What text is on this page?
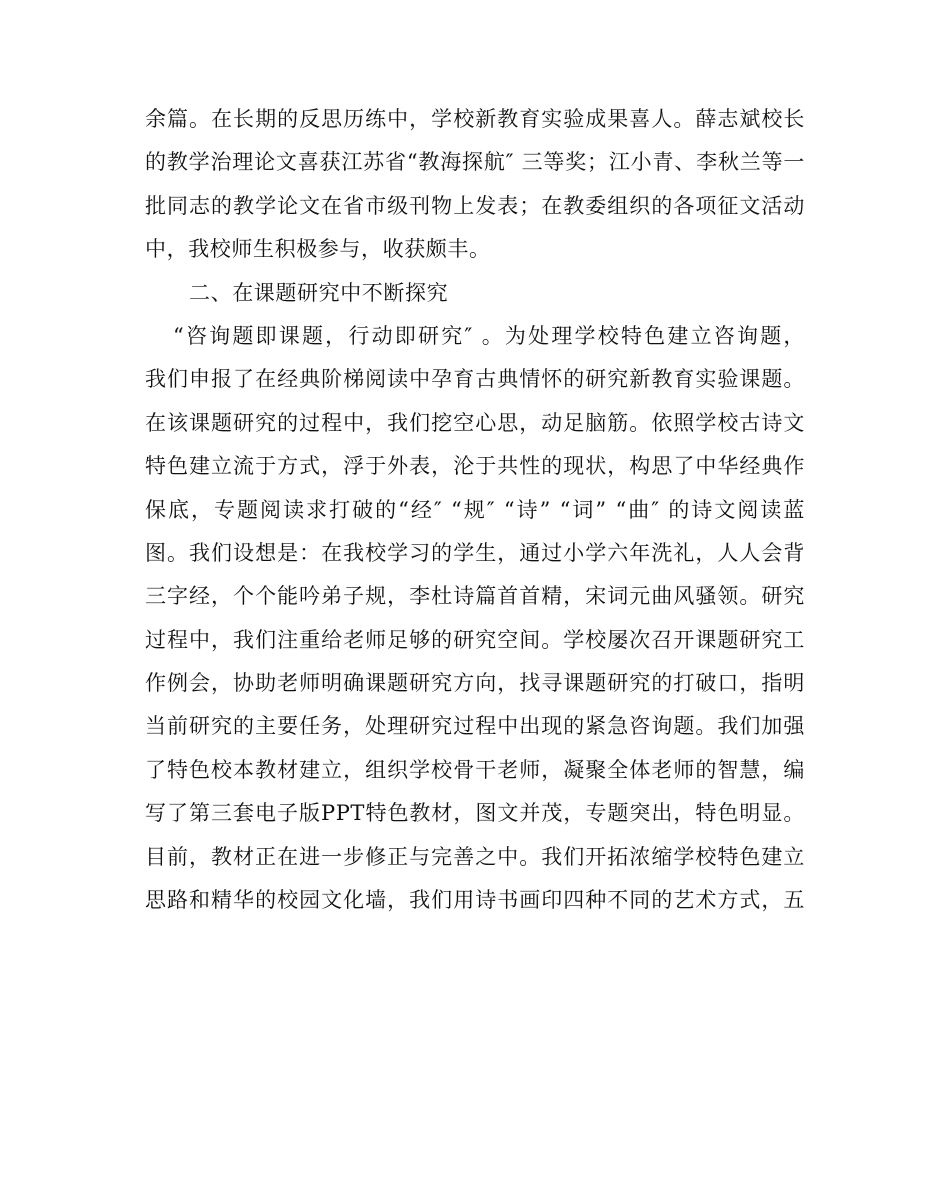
余篇。在长期的反思历练中，学校新教育实验成果喜人。薛志斌校长
的教学治理论文喜获江苏省“教海探航″ 三等奖；江小青、李秋兰等一
批同志的教学论文在省市级刊物上发表；在教委组织的各项征文活动
中，我校师生积极参与，收获颇丰。
二、在课题研究中不断探究
“咨询题即课题，行动即研究″ 。为处理学校特色建立咨询题，
我们申报了在经典阶梯阅读中孕育古典情怀的研究新教育实验课题。
在该课题研究的过程中，我们挖空心思，动足脑筋。依照学校古诗文
特色建立流于方式，浮于外表，沦于共性的现状，构思了中华经典作
保底，专题阅读求打破的“经″ “规″ “诗” “词” “曲″ 的诗文阅读蓝
图。我们设想是：在我校学习的学生，通过小学六年洗礼，人人会背
三字经，个个能吟弟子规，李杜诗篇首首精，宋词元曲风骚领。研究
过程中，我们注重给老师足够的研究空间。学校屡次召开课题研究工
作例会，协助老师明确课题研究方向，找寻课题研究的打破口，指明
当前研究的主要任务，处理研究过程中出现的紧急咨询题。我们加强
了特色校本教材建立，组织学校骨干老师，凝聚全体老师的智慧，编
写了第三套电子版PPT特色教材，图文并茂，专题突出，特色明显。
目前，教材正在进一步修正与完善之中。我们开拓浓缩学校特色建立
思路和精华的校园文化墙，我们用诗书画印四种不同的艺术方式，五
